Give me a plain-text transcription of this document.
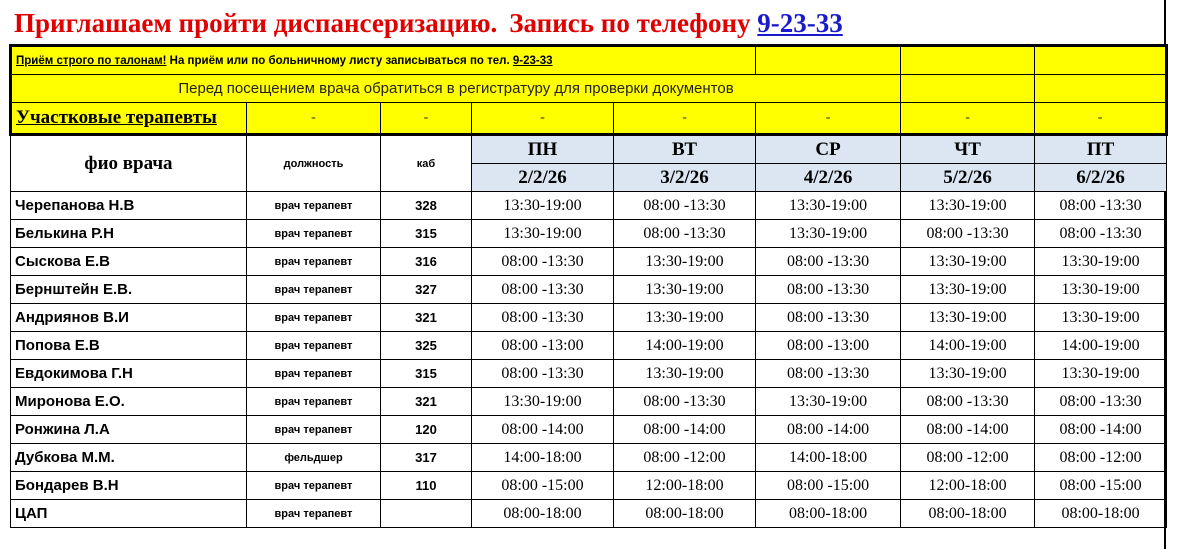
Приглашаем пройти диспансеризацию. Запись по телефону 9-23-33
Приём строго по талонам! На приём или по больничному листу записываться по тел. 9-23-33							
Перед посещением врача обратиться в регистратуру для проверки документов							
Участковые терапевты	-	-	-	-	-	-	-
фио врача	должность	каб	ПН	ВТ	СР	ЧТ	ПТ
			2/2/26	3/2/26	4/2/26	5/2/26	6/2/26
Черепанова Н.В	врач терапевт	328	13:30-19:00	08:00 -13:30	13:30-19:00	13:30-19:00	08:00 -13:30
Белькина Р.Н	врач терапевт	315	13:30-19:00	08:00 -13:30	13:30-19:00	08:00 -13:30	08:00 -13:30
Сыскова Е.В	врач терапевт	316	08:00 -13:30	13:30-19:00	08:00 -13:30	13:30-19:00	13:30-19:00
Бернштейн Е.В.	врач терапевт	327	08:00 -13:30	13:30-19:00	08:00 -13:30	13:30-19:00	13:30-19:00
Андриянов В.И	врач терапевт	321	08:00 -13:30	13:30-19:00	08:00 -13:30	13:30-19:00	13:30-19:00
Попова Е.В	врач терапевт	325	08:00 -13:00	14:00-19:00	08:00 -13:00	14:00-19:00	14:00-19:00
Евдокимова Г.Н	врач терапевт	315	08:00 -13:30	13:30-19:00	08:00 -13:30	13:30-19:00	13:30-19:00
Миронова Е.О.	врач терапевт	321	13:30-19:00	08:00 -13:30	13:30-19:00	08:00 -13:30	08:00 -13:30
Ронжина Л.А	врач терапевт	120	08:00 -14:00	08:00 -14:00	08:00 -14:00	08:00 -14:00	08:00 -14:00
Дубкова М.М.	фельдшер	317	14:00-18:00	08:00 -12:00	14:00-18:00	08:00 -12:00	08:00 -12:00
Бондарев В.Н	врач терапевт	110	08:00 -15:00	12:00-18:00	08:00 -15:00	12:00-18:00	08:00 -15:00
ЦАП	врач терапевт		08:00-18:00	08:00-18:00	08:00-18:00	08:00-18:00	08:00-18:00
